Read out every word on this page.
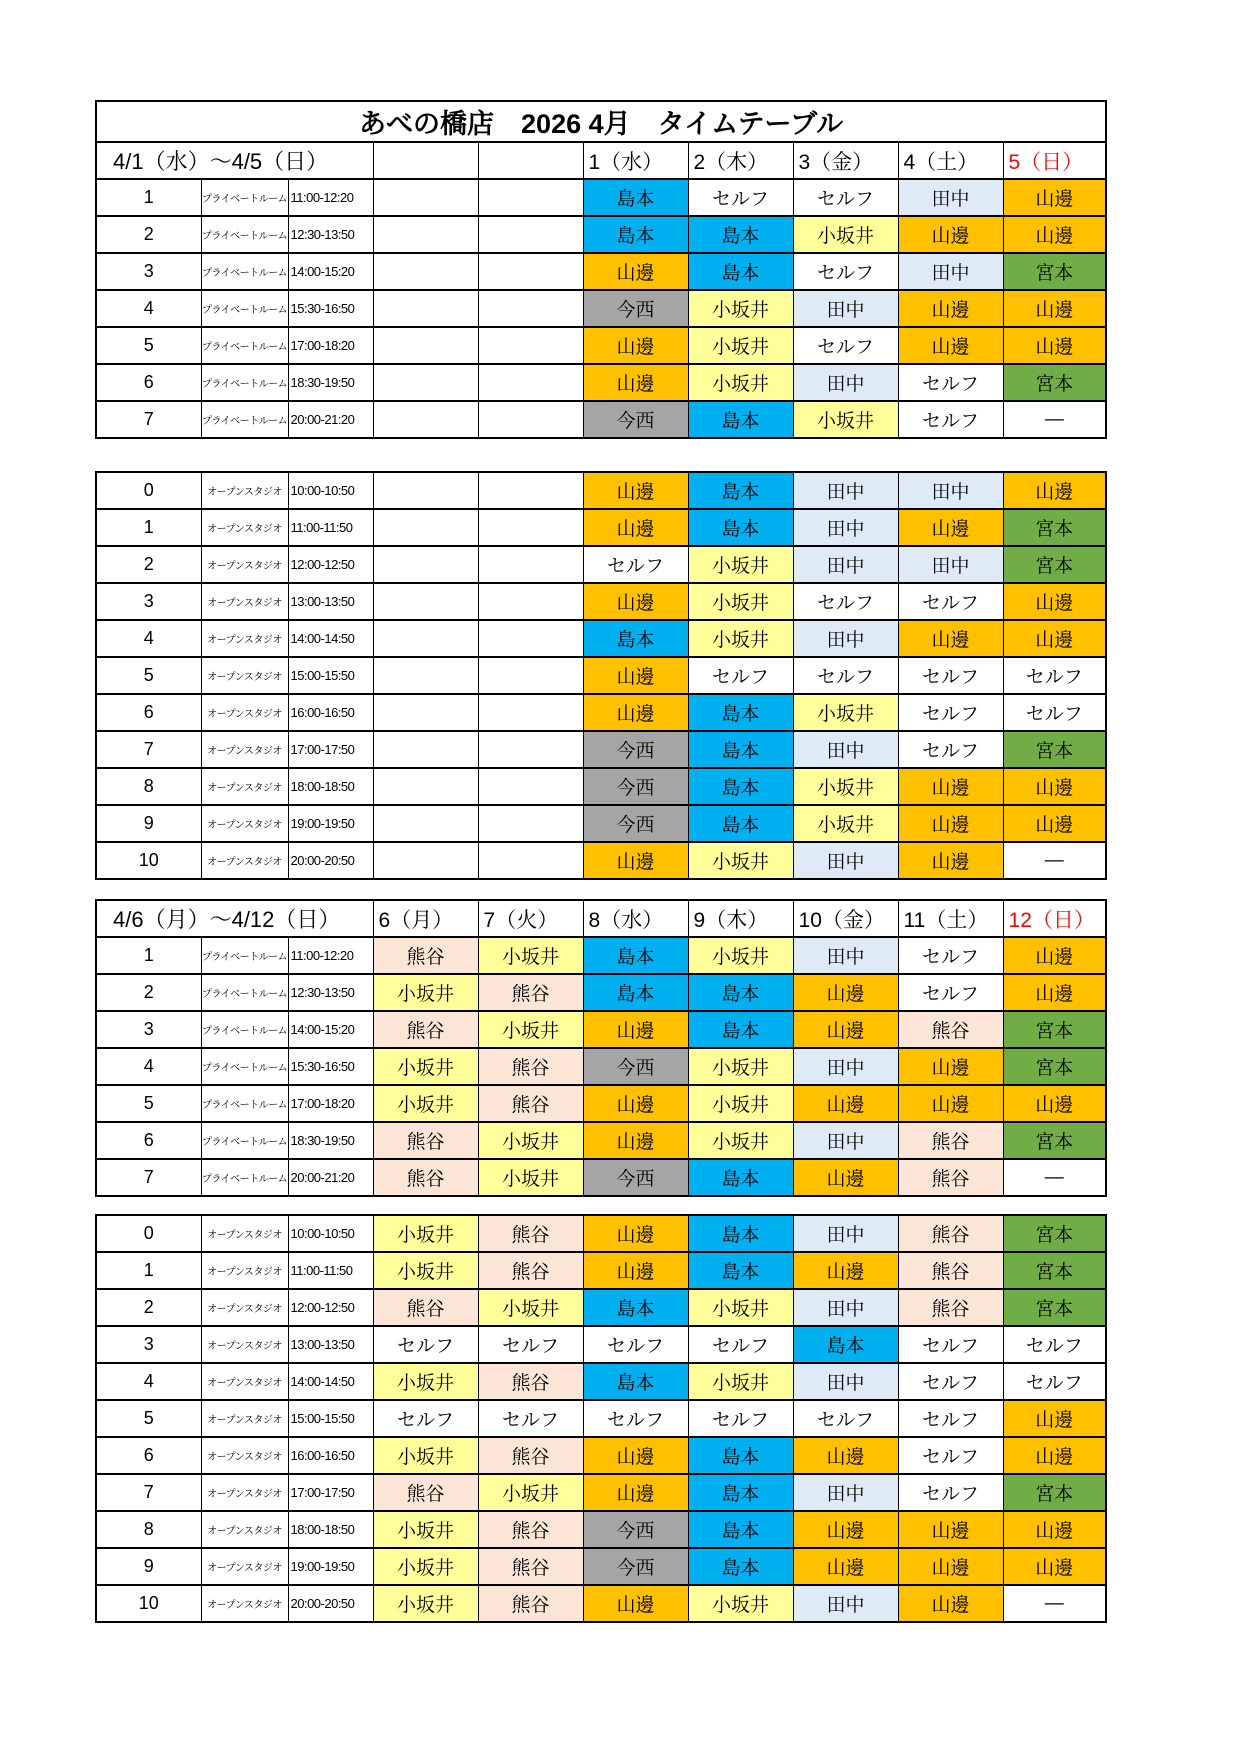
あべの橋店　2026 4月　タイムテーブル									
4/1（水）～4/5（日）					1（水）	2（木）	3（金）	4（土）	5（日）
1	プライベートルーム	11:00-12:20			島本	セルフ	セルフ	田中	山邊
2	プライベートルーム	12:30-13:50			島本	島本	小坂井	山邊	山邊
3	プライベートルーム	14:00-15:20			山邊	島本	セルフ	田中	宮本
4	プライベートルーム	15:30-16:50			今西	小坂井	田中	山邊	山邊
5	プライベートルーム	17:00-18:20			山邊	小坂井	セルフ	山邊	山邊
6	プライベートルーム	18:30-19:50			山邊	小坂井	田中	セルフ	宮本
7	プライベートルーム	20:00-21:20			今西	島本	小坂井	セルフ	―
0	オープンスタジオ	10:00-10:50			山邊	島本	田中	田中	山邊
1	オープンスタジオ	11:00-11:50			山邊	島本	田中	山邊	宮本
2	オープンスタジオ	12:00-12:50			セルフ	小坂井	田中	田中	宮本
3	オープンスタジオ	13:00-13:50			山邊	小坂井	セルフ	セルフ	山邊
4	オープンスタジオ	14:00-14:50			島本	小坂井	田中	山邊	山邊
5	オープンスタジオ	15:00-15:50			山邊	セルフ	セルフ	セルフ	セルフ
6	オープンスタジオ	16:00-16:50			山邊	島本	小坂井	セルフ	セルフ
7	オープンスタジオ	17:00-17:50			今西	島本	田中	セルフ	宮本
8	オープンスタジオ	18:00-18:50			今西	島本	小坂井	山邊	山邊
9	オープンスタジオ	19:00-19:50			今西	島本	小坂井	山邊	山邊
10	オープンスタジオ	20:00-20:50			山邊	小坂井	田中	山邊	―
4/6（月）～4/12（日）			6（月）	7（火）	8（水）	9（木）	10（金）	11（土）	12（日）
1	プライベートルーム	11:00-12:20	熊谷	小坂井	島本	小坂井	田中	セルフ	山邊
2	プライベートルーム	12:30-13:50	小坂井	熊谷	島本	島本	山邊	セルフ	山邊
3	プライベートルーム	14:00-15:20	熊谷	小坂井	山邊	島本	山邊	熊谷	宮本
4	プライベートルーム	15:30-16:50	小坂井	熊谷	今西	小坂井	田中	山邊	宮本
5	プライベートルーム	17:00-18:20	小坂井	熊谷	山邊	小坂井	山邊	山邊	山邊
6	プライベートルーム	18:30-19:50	熊谷	小坂井	山邊	小坂井	田中	熊谷	宮本
7	プライベートルーム	20:00-21:20	熊谷	小坂井	今西	島本	山邊	熊谷	―
0	オープンスタジオ	10:00-10:50	小坂井	熊谷	山邊	島本	田中	熊谷	宮本
1	オープンスタジオ	11:00-11:50	小坂井	熊谷	山邊	島本	山邊	熊谷	宮本
2	オープンスタジオ	12:00-12:50	熊谷	小坂井	島本	小坂井	田中	熊谷	宮本
3	オープンスタジオ	13:00-13:50	セルフ	セルフ	セルフ	セルフ	島本	セルフ	セルフ
4	オープンスタジオ	14:00-14:50	小坂井	熊谷	島本	小坂井	田中	セルフ	セルフ
5	オープンスタジオ	15:00-15:50	セルフ	セルフ	セルフ	セルフ	セルフ	セルフ	山邊
6	オープンスタジオ	16:00-16:50	小坂井	熊谷	山邊	島本	山邊	セルフ	山邊
7	オープンスタジオ	17:00-17:50	熊谷	小坂井	山邊	島本	田中	セルフ	宮本
8	オープンスタジオ	18:00-18:50	小坂井	熊谷	今西	島本	山邊	山邊	山邊
9	オープンスタジオ	19:00-19:50	小坂井	熊谷	今西	島本	山邊	山邊	山邊
10	オープンスタジオ	20:00-20:50	小坂井	熊谷	山邊	小坂井	田中	山邊	―
